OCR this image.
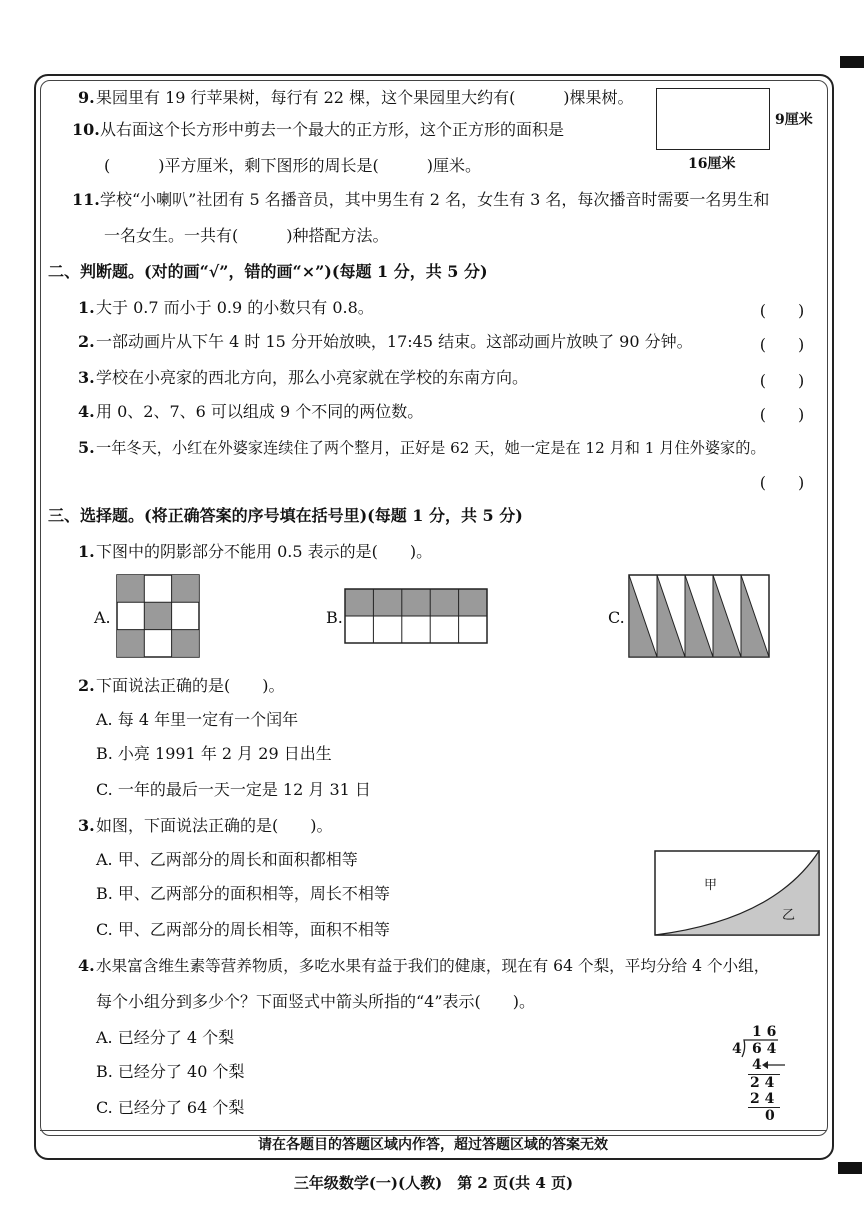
9. 果园里有 19 行苹果树，每行有 22 棵，这个果园里大约有(　　　)棵果树。
10. 从右面这个长方形中剪去一个最大的正方形，这个正方形的面积是
(　　　)平方厘米，剩下图形的周长是(　　　)厘米。
9厘米
16厘米
11. 学校“小喇叭”社团有 5 名播音员，其中男生有 2 名，女生有 3 名，每次播音时需要一名男生和
一名女生。一共有(　　　)种搭配方法。
二、判断题。(对的画“√”，错的画“×”)(每题 1 分，共 5 分)
1. 大于 0.7 而小于 0.9 的小数只有 0.8。	(　　)
2. 一部动画片从下午 4 时 15 分开始放映，17:45 结束。这部动画片放映了 90 分钟。	(　　)
3. 学校在小亮家的西北方向，那么小亮家就在学校的东南方向。	(　　)
4. 用 0、2、7、6 可以组成 9 个不同的两位数。	(　　)
5. 一年冬天，小红在外婆家连续住了两个整月，正好是 62 天，她一定是在 12 月和 1 月住外婆家的。
(　　)
三、选择题。(将正确答案的序号填在括号里)(每题 1 分，共 5 分)
1. 下图中的阴影部分不能用 0.5 表示的是(　　)。
A.	B.	C.
2. 下面说法正确的是(　　)。
A. 每 4 年里一定有一个闰年
B. 小亮 1991 年 2 月 29 日出生
C. 一年的最后一天一定是 12 月 31 日
3. 如图，下面说法正确的是(　　)。
A. 甲、乙两部分的周长和面积都相等
B. 甲、乙两部分的面积相等，周长不相等
C. 甲、乙两部分的周长相等，面积不相等
甲
乙
4. 水果富含维生素等营养物质，多吃水果有益于我们的健康，现在有 64 个梨，平均分给 4 个小组，
每个小组分到多少个？下面竖式中箭头所指的“4”表示(　　)。
A. 已经分了 4 个梨
B. 已经分了 40 个梨
C. 已经分了 64 个梨
1 6
4 6 4
4
2 4
2 4
0
请在各题目的答题区域内作答，超过答题区域的答案无效
三年级数学(一)(人教)　第 2 页(共 4 页)
